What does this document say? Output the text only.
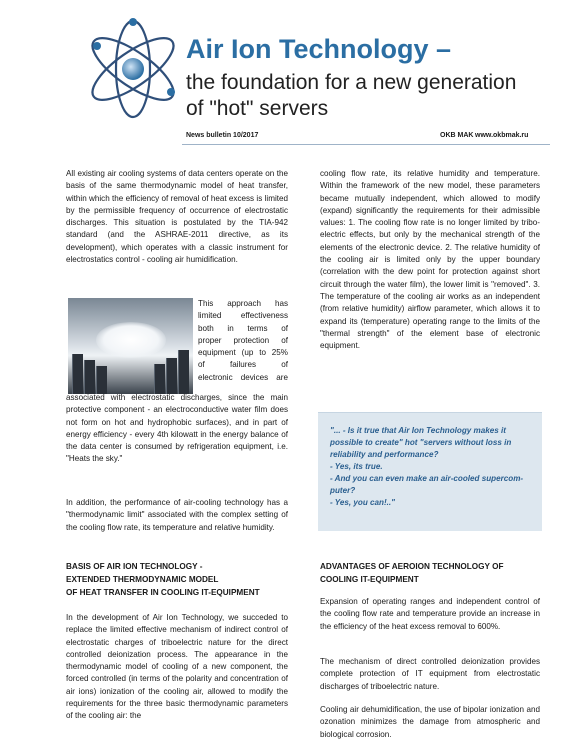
Air Ion Technology –
the foundation for a new generation
of "hot" servers
News bulletin 10/2017	OKB MAK www.okbmak.ru
All existing air cooling systems of data centers operate on the basis of the same thermodynamic model of heat transfer, within which the efficiency of removal of heat excess is limited by the permissible frequency of occurrence of electrostatic discharges. This situation is postulated by the TIA-942 standard (and the ASHRAE-2011 directive, as its development), which operates with a classic instrument for electrostatics control - cooling air humidification.
This approach has
limited effectiveness
both in terms of
proper protection of
equipment (up to 25%
of failures of
electronic devices are
associated with electrostatic discharges, since the main protective component - an electroconductive water film does not form on hot and hydrophobic surfaces), and in part of energy efficiency - every 4th kilowatt in the energy balance of the data center is consumed by refrigeration equipment, i.e. "Heats the sky."
In addition, the performance of air-cooling technology has a "thermodynamic limit" associated with the complex setting of the cooling flow rate, its temperature and relative humidity.
BASIS OF AIR ION TECHNOLOGY -
EXTENDED THERMODYNAMIC MODEL
OF HEAT TRANSFER IN COOLING IT-EQUIPMENT
In the development of Air Ion Technology, we succeded to replace the limited effective mechanism of indirect control of electrostatic charges of triboelectric nature for the direct controlled deionization process. The appearance in the thermodynamic model of cooling of a new component, the forced controlled (in terms of the polarity and concentration of air ions) ionization of the cooling air, allowed to modify the requirements for the three basic thermodynamic parameters of the cooling air: the
cooling flow rate, its relative humidity and temperature. Within the framework of the new model, these parameters became mutually independent, which allowed to modify (expand) significantly the requirements for their admissible values: 1. The cooling flow rate is no longer limited by tribo-electric effects, but only by the mechanical strength of the elements of the electronic device. 2. The relative humidity of the cooling air is limited only by the upper boundary (correlation with the dew point for protection against short circuit through the water film), the lower limit is "removed". 3. The temperature of the cooling air works as an independent (from relative humidity) airflow parameter, which allows it to expand its (temperature) operating range to the limits of the "thermal strength" of the element base of electronic equipment.
"... - Is it true that Air Ion Technology makes it possible to create" hot "servers without loss in reliability and performance?
- Yes, its true.
- And you can even make an air-cooled supercom-puter?
- Yes, you can!.."
ADVANTAGES OF AEROION TECHNOLOGY OF
COOLING IT-EQUIPMENT
Expansion of operating ranges and independent control of the cooling flow rate and temperature provide an increase in the efficiency of the heat excess removal to 600%.
The mechanism of direct controlled deionization provides complete protection of IT equipment from electrostatic discharges of triboelectric nature.
Cooling air dehumidification, the use of bipolar ionization and ozonation minimizes the damage from atmospheric and biological corrosion.
